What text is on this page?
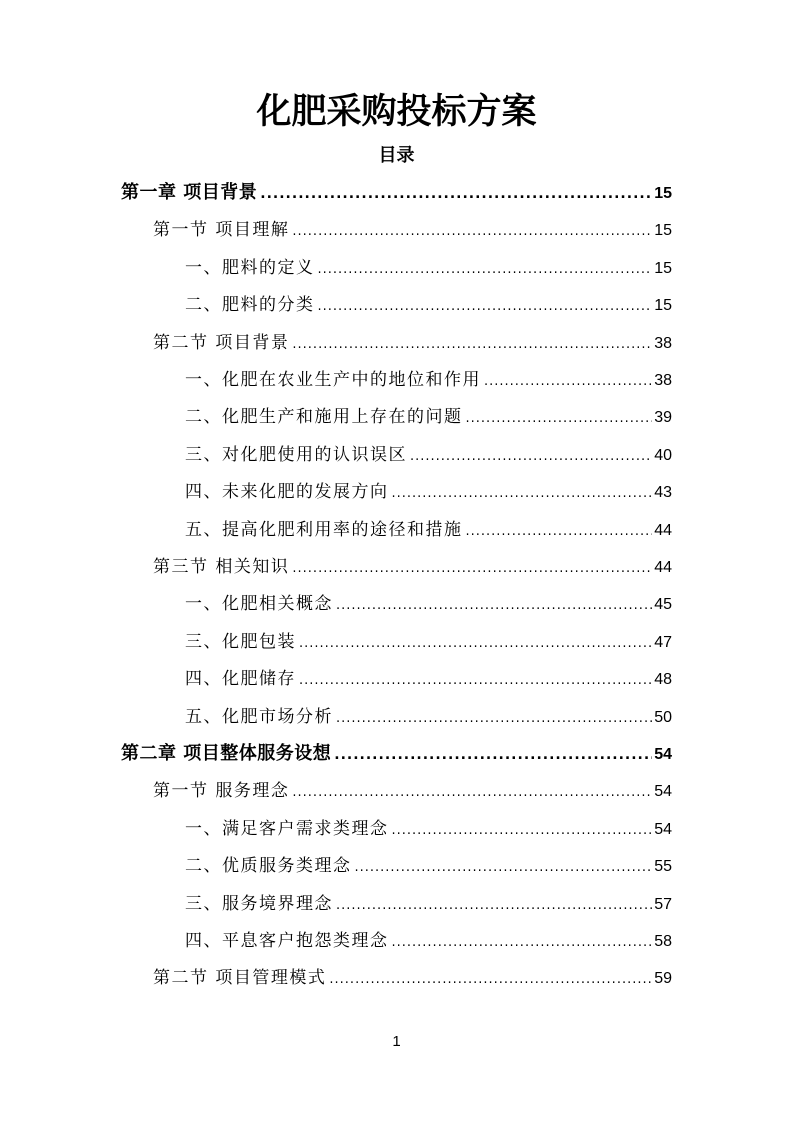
化肥采购投标方案
目录
第一章 项目背景 .....	15
第一节 项目理解 .....	15
一、肥料的定义 .....	15
二、肥料的分类 .....	15
第二节 项目背景 .....	38
一、化肥在农业生产中的地位和作用 .....	38
二、化肥生产和施用上存在的问题 .....	39
三、对化肥使用的认识误区 .....	40
四、未来化肥的发展方向 .....	43
五、提高化肥利用率的途径和措施 .....	44
第三节 相关知识 .....	44
一、化肥相关概念 .....	45
三、化肥包装 .....	47
四、化肥储存 .....	48
五、化肥市场分析 .....	50
第二章 项目整体服务设想 .....	54
第一节 服务理念 .....	54
一、满足客户需求类理念 .....	54
二、优质服务类理念 .....	55
三、服务境界理念 .....	57
四、平息客户抱怨类理念 .....	58
第二节 项目管理模式 .....	59
1
